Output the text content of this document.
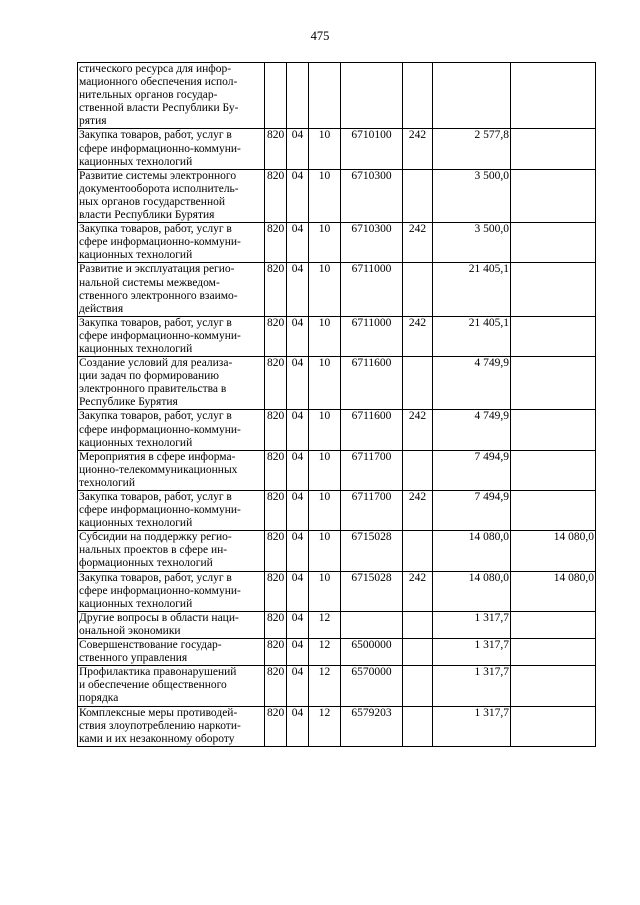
475
стического ресурса для инфор-
мационного обеспечения испол-
нительных органов государ-
ственной власти Республики Бу-
рятия							
Закупка товаров, работ, услуг в
сфере информационно-коммуни-
кационных технологий	820	04	10	6710100	242	2 577,8	
Развитие системы электронного
документооборота исполнитель-
ных органов государственной
власти Республики Бурятия	820	04	10	6710300		3 500,0	
Закупка товаров, работ, услуг в
сфере информационно-коммуни-
кационных технологий	820	04	10	6710300	242	3 500,0	
Развитие и эксплуатация регио-
нальной системы межведом-
ственного электронного взаимо-
действия	820	04	10	6711000		21 405,1	
Закупка товаров, работ, услуг в
сфере информационно-коммуни-
кационных технологий	820	04	10	6711000	242	21 405,1	
Создание условий для реализа-
ции задач по формированию
электронного правительства в
Республике Бурятия	820	04	10	6711600		4 749,9	
Закупка товаров, работ, услуг в
сфере информационно-коммуни-
кационных технологий	820	04	10	6711600	242	4 749,9	
Мероприятия в сфере информа-
ционно-телекоммуникационных
технологий	820	04	10	6711700		7 494,9	
Закупка товаров, работ, услуг в
сфере информационно-коммуни-
кационных технологий	820	04	10	6711700	242	7 494,9	
Субсидии на поддержку регио-
нальных проектов в сфере ин-
формационных технологий	820	04	10	6715028		14 080,0	14 080,0
Закупка товаров, работ, услуг в
сфере информационно-коммуни-
кационных технологий	820	04	10	6715028	242	14 080,0	14 080,0
Другие вопросы в области наци-
ональной экономики	820	04	12			1 317,7	
Совершенствование государ-
ственного управления	820	04	12	6500000		1 317,7	
Профилактика правонарушений
и обеспечение общественного
порядка	820	04	12	6570000		1 317,7	
Комплексные меры противодей-
ствия злоупотреблению наркоти-
ками и их незаконному обороту	820	04	12	6579203		1 317,7	
